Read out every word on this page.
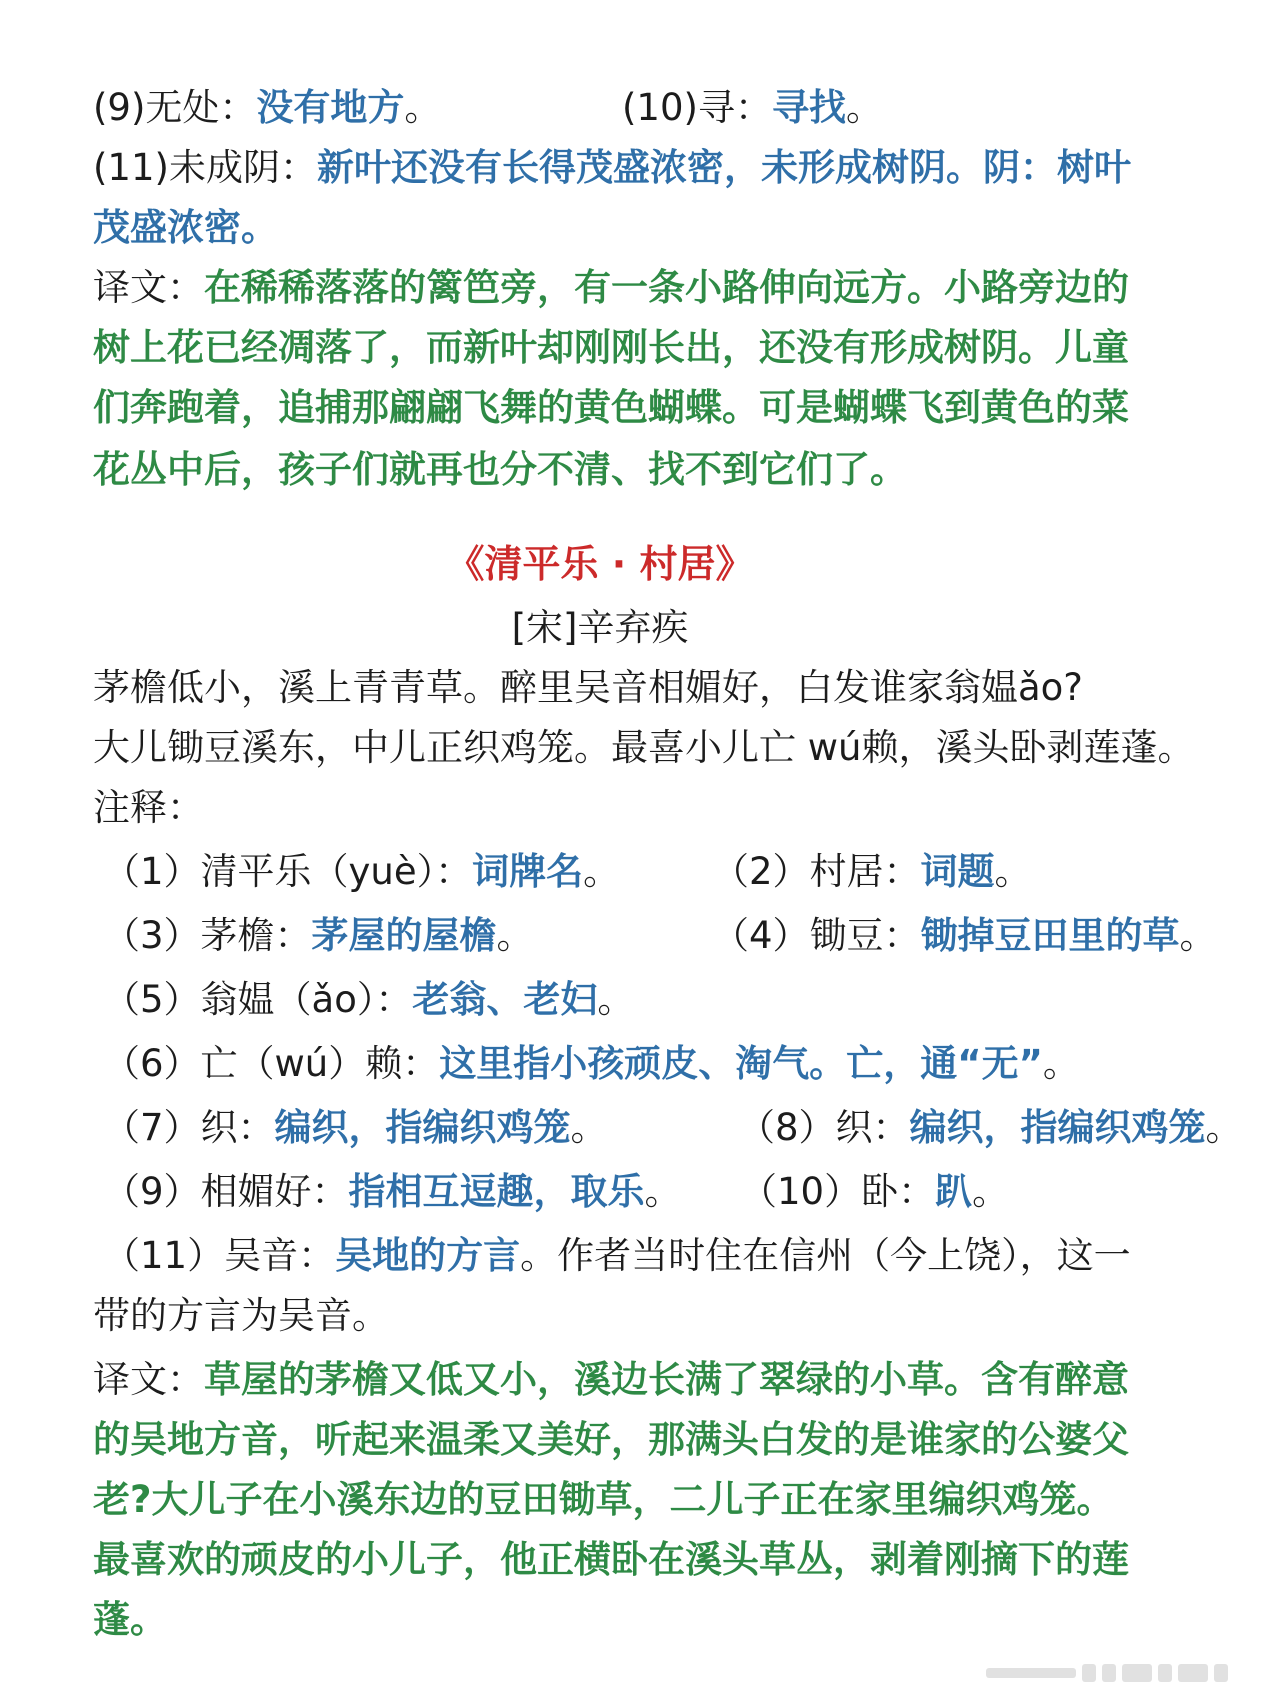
(9)无处：没有地方。	(10)寻：寻找。
(11)未成阴：新叶还没有长得茂盛浓密，未形成树阴。阴：树叶
茂盛浓密。
译文：在稀稀落落的篱笆旁，有一条小路伸向远方。小路旁边的
树上花已经凋落了，而新叶却刚刚长出，还没有形成树阴。儿童
们奔跑着，追捕那翩翩飞舞的黄色蝴蝶。可是蝴蝶飞到黄色的菜
花丛中后，孩子们就再也分不清、找不到它们了。
《清平乐 · 村居》
[宋]辛弃疾
茅檐低小，溪上青青草。醉里吴音相媚好，白发谁家翁媪ǎo?
大儿锄豆溪东，中儿正织鸡笼。最喜小儿亡 wú赖，溪头卧剥莲蓬。
注释：
（1）清平乐（yuè）：词牌名。 （2）村居：词题。
（3）茅檐：茅屋的屋檐。	（4）锄豆：锄掉豆田里的草。
（5）翁媪（ǎo）：老翁、老妇。
（6）亡（wú）赖：这里指小孩顽皮、淘气。亡，通“无”。
（7）织：编织，指编织鸡笼。	（8）织：编织，指编织鸡笼。
（9）相媚好：指相互逗趣，取乐。 （10）卧：趴。
（11）吴音：吴地的方言。作者当时住在信州（今上饶），这一
带的方言为吴音。
译文：草屋的茅檐又低又小，溪边长满了翠绿的小草。含有醉意
的吴地方音，听起来温柔又美好，那满头白发的是谁家的公婆父
老?大儿子在小溪东边的豆田锄草，二儿子正在家里编织鸡笼。
最喜欢的顽皮的小儿子，他正横卧在溪头草丛，剥着刚摘下的莲
蓬。
